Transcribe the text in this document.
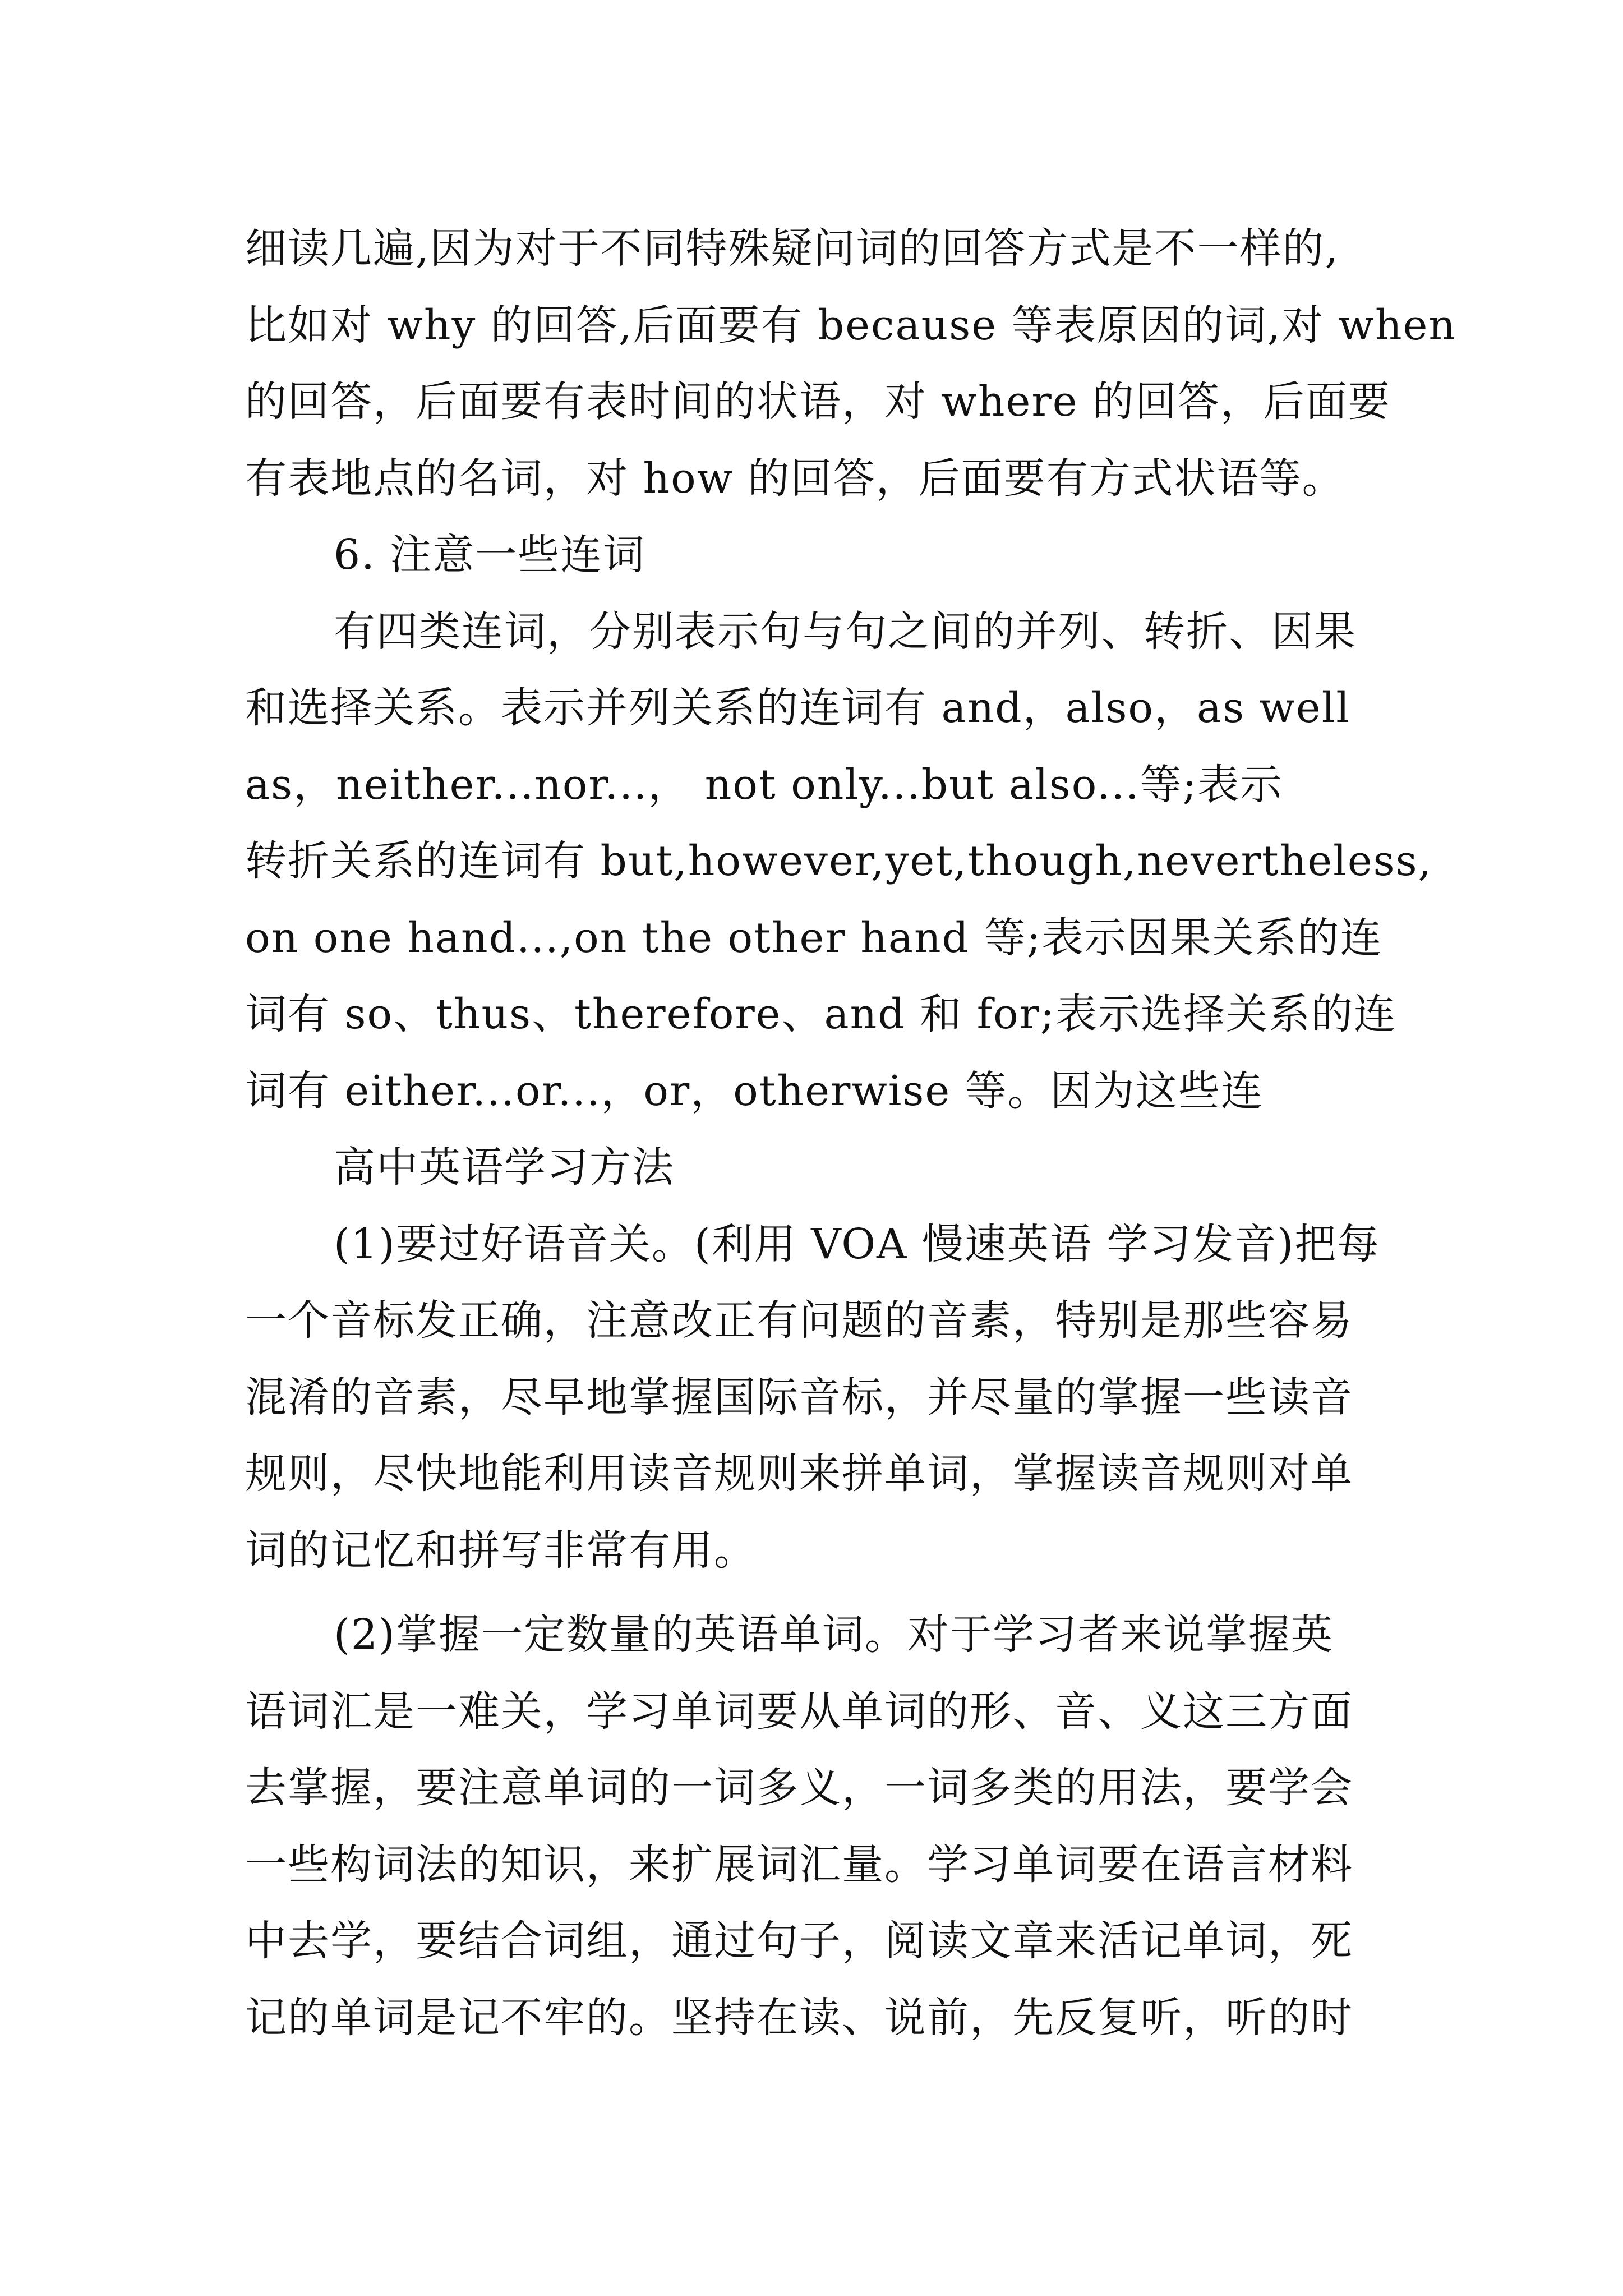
细读几遍,因为对于不同特殊疑问词的回答方式是不一样的,
比如对 why 的回答,后面要有 because 等表原因的词,对 when
的回答，后面要有表时间的状语，对 where 的回答，后面要
有表地点的名词，对 how 的回答，后面要有方式状语等。
6. 注意一些连词
有四类连词，分别表示句与句之间的并列、转折、因果
和选择关系。表示并列关系的连词有 and，also，as well
as，neither...nor...， not only...but also...等;表示
转折关系的连词有 but,however,yet,though,nevertheless,
on one hand...,on the other hand 等;表示因果关系的连
词有 so、thus、therefore、and 和 for;表示选择关系的连
词有 either...or...，or，otherwise 等。因为这些连
高中英语学习方法
(1)要过好语音关。(利用 VOA 慢速英语 学习发音)把每
一个音标发正确，注意改正有问题的音素，特别是那些容易
混淆的音素，尽早地掌握国际音标，并尽量的掌握一些读音
规则，尽快地能利用读音规则来拼单词，掌握读音规则对单
词的记忆和拼写非常有用。
(2)掌握一定数量的英语单词。对于学习者来说掌握英
语词汇是一难关，学习单词要从单词的形、音、义这三方面
去掌握，要注意单词的一词多义，一词多类的用法，要学会
一些构词法的知识，来扩展词汇量。学习单词要在语言材料
中去学，要结合词组，通过句子，阅读文章来活记单词，死
记的单词是记不牢的。坚持在读、说前，先反复听，听的时
